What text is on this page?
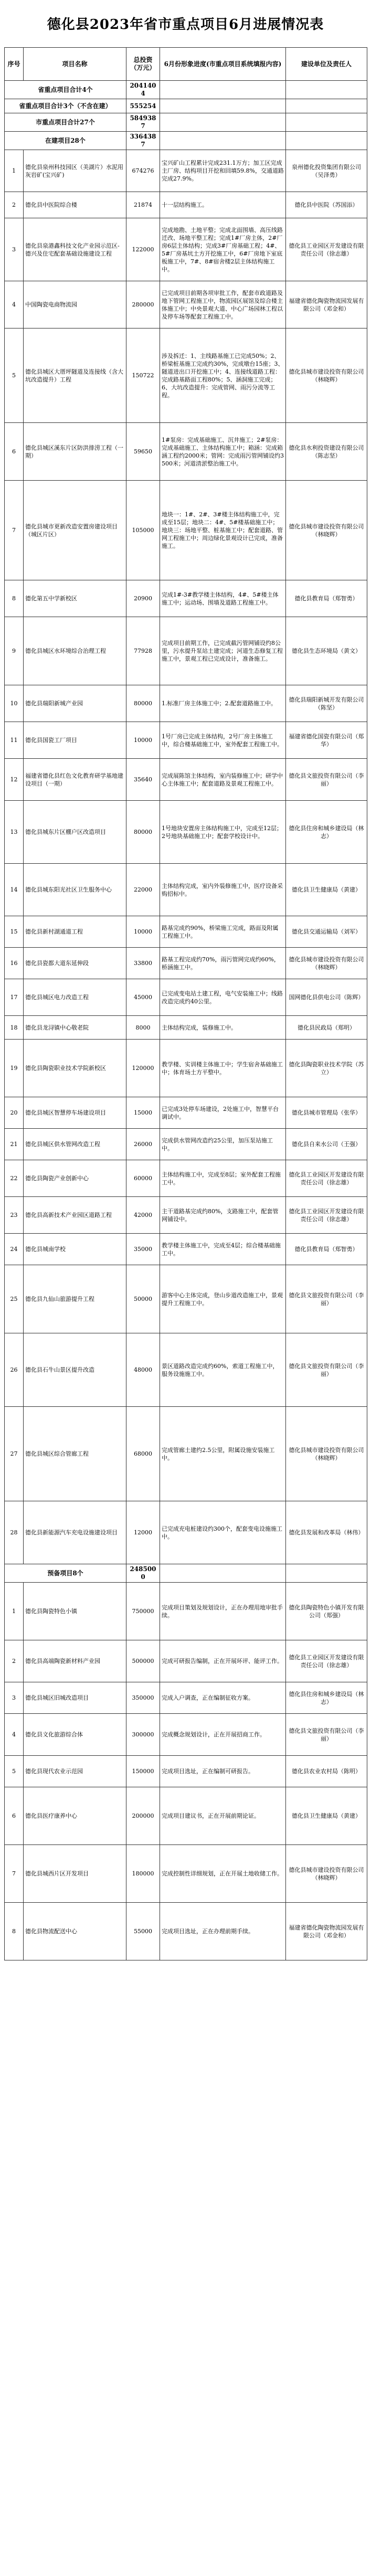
德化县2023年省市重点项目6月进展情况表
序号	项目名称	总投资（万元）	6月份形象进度(市重点项目系统填报内容)	建设单位及责任人
省重点项目合计4个		2041404		
省重点项目合计3个（不含在建）		555254		
市重点项目合计27个		5849387		
在建项目28个		3364387		
1	德化县泉州科技园区（美湖片）水泥用灰岩矿(宝兴矿)	674276	宝兴矿山工程累计完成231.1万方；加工区完成主厂房、结构项目开挖和回填59.8%，交通道路完成27.9%。	泉州德化投资集团有限公司（吴泽勇）
2	德化县中医院综合楼	21874	十一层结构施工。	德化县中医院（苏国添）
3	德化县泉港鑫科技文化产业园示范区-德兴及住宅配套基础设施建设工程	122000	完成地勘、土地平整；完成北面围墙、高压线路迁改、场地平整工程；完成1#厂房主体，2#厂房6层主体结构；完成3#厂房基础工程；4#、5#厂房基坑土方开挖施工中，6#厂房地下室底板施工中，7#、8#宿舍楼2层主体结构施工中。	德化县工业园区开发建设有限责任公司（徐志雄）
4	中国陶瓷电商物流园	280000	已完成项目前期各项审批工作，配套市政道路及地下管网工程施工中，物流园区展馆及综合楼主体施工中；中央景观大道、中心广场园林工程以及停车场等配套工程施工中。	福建省德化陶瓷物流园发展有限公司（邓金和）
5	德化县城区大厝坪隧道及连接线（含大坑改造提升）工程	150722	涉及拆迁：1、主线路基施工已完成50%；2、桥梁桩基施工完成约30%，完成墩台15座；3、隧道进出口开挖施工中；4、连接线道路工程：完成路基路面工程80%；5、涵洞施工完成；6、大坑改造提升：完成管网、雨污分流等工程。	德化县城市建设投资有限公司（林晓辉）
6	德化县城区溪东片区防洪排涝工程（一期）	59650	1#泵房：完成基础施工、沉井施工；2#泵房：完成基础施工、主体结构施工中；箱涵：完成箱涵工程约2000米；管网：完成雨污管网铺设约3500米；河道清淤整治施工中。	德化县水利投资建设有限公司（陈志坚）
7	德化县城市更新改造安置房建设项目（城区片区）	105000	地块一：1#、2#、3#楼主体结构施工中，完成至15层；地块二：4#、5#楼基础施工中；地块三：场地平整、桩基施工中；配套道路、管网工程施工中；周边绿化景观设计已完成，准备施工。	德化县城市建设投资有限公司（林晓辉）
8	德化第五中学新校区	20900	完成1#-3#教学楼主体结构，4#、5#楼主体施工中；运动场、围墙及道路工程施工中。	德化县教育局（郑智勇）
9	德化县城区水环境综合治理工程	77928	完成项目前期工作，已完成截污管网铺设约8公里，污水提升泵站土建完成；河道生态修复工程施工中，景观工程已完成设计，准备施工。	德化县生态环境局（黄文）
10	德化县瑞阳新城产业园	80000	1.标准厂房主体施工中；2.配套道路施工中。	德化县瑞阳新城开发有限公司（陈坚）
11	德化县国瓷工厂项目	10000	1号厂房已完成主体结构，2号厂房主体施工中，综合楼基础施工中，室外配套工程施工中。	福建省德化国瓷有限公司（郑华）
12	福建省德化县红色文化教育研学基地建设项目（一期）	35640	完成展陈馆主体结构，室内装修施工中；研学中心主体施工中；配套道路及景观工程施工中。	德化县文旅投资有限公司（李丽）
13	德化县城东片区棚户区改造项目	80000	1号地块安置房主体结构施工中，完成至12层；2号地块基础施工中；配套学校设计中。	德化县住房和城乡建设局（林志）
14	德化县城东阳光社区卫生服务中心	22000	主体结构完成，室内外装修施工中，医疗设备采购招标中。	德化县卫生健康局（黄建）
15	德化县新村湖通道工程	10000	路基完成约90%，桥梁施工完成，路面及附属工程施工中。	德化县交通运输局（刘军）
16	德化县瓷都大道东延伸段	33800	路基工程完成约70%，雨污管网完成约60%，桥涵施工中。	德化县城市建设投资有限公司（林晓辉）
17	德化县城区电力改造工程	45000	已完成变电站土建工程，电气安装施工中；线路改造完成约40公里。	国网德化县供电公司（陈辉）
18	德化县龙浔镇中心敬老院	8000	主体结构完成，装修施工中。	德化县民政局（郑明）
19	德化县陶瓷职业技术学院新校区	120000	教学楼、实训楼主体施工中；学生宿舍基础施工中；体育场土方平整中。	德化县陶瓷职业技术学院（苏立）
20	德化县城区智慧停车场建设项目	15000	已完成3处停车场建设，2处施工中，智慧平台调试中。	德化县城市管理局（张华）
21	德化县城区供水管网改造工程	26000	完成供水管网改造约25公里，加压泵站施工中。	德化县自来水公司（王强）
22	德化县陶瓷产业创新中心	60000	主体结构施工中，完成至8层；室外配套工程施工中。	德化县工业园区开发建设有限责任公司（徐志雄）
23	德化县高新技术产业园区道路工程	42000	主干道路基完成约80%，支路施工中，配套管网铺设中。	德化县工业园区开发建设有限责任公司（徐志雄）
24	德化县城南学校	35000	教学楼主体施工中，完成至4层；综合楼基础施工中。	德化县教育局（郑智勇）
25	德化县九仙山旅游提升工程	50000	游客中心主体完成，登山步道改造施工中，景观提升工程施工中。	德化县文旅投资有限公司（李丽）
26	德化县石牛山景区提升改造	48000	景区道路改造完成约60%，索道工程施工中，服务设施施工中。	德化县文旅投资有限公司（李丽）
27	德化县城区综合管廊工程	68000	完成管廊土建约2.5公里，附属设施安装施工中。	德化县城市建设投资有限公司（林晓辉）
28	德化县新能源汽车充电设施建设项目	12000	已完成充电桩建设约300个，配套变电设施施工中。	德化县发展和改革局（林伟）
预备项目8个		2485000		
1	德化县陶瓷特色小镇	750000	完成项目策划及规划设计，正在办理用地审批手续。	德化县陶瓷特色小镇开发有限公司（郑强）
2	德化县高端陶瓷新材料产业园	500000	完成可研报告编制，正在开展环评、能评工作。	德化县工业园区开发建设有限责任公司（徐志雄）
3	德化县城区旧城改造项目	350000	完成入户调查，正在编制征收方案。	德化县住房和城乡建设局（林志）
4	德化县文化旅游综合体	300000	完成概念规划设计，正在开展招商工作。	德化县文旅投资有限公司（李丽）
5	德化县现代农业示范园	150000	完成项目选址，正在编制可研报告。	德化县农业农村局（陈明）
6	德化县医疗康养中心	200000	完成项目建议书，正在开展前期论证。	德化县卫生健康局（黄建）
7	德化县城西片区开发项目	180000	完成控制性详细规划，正在开展土地收储工作。	德化县城市建设投资有限公司（林晓辉）
8	德化县物流配送中心	55000	完成项目选址，正在办理前期手续。	福建省德化陶瓷物流园发展有限公司（邓金和）
